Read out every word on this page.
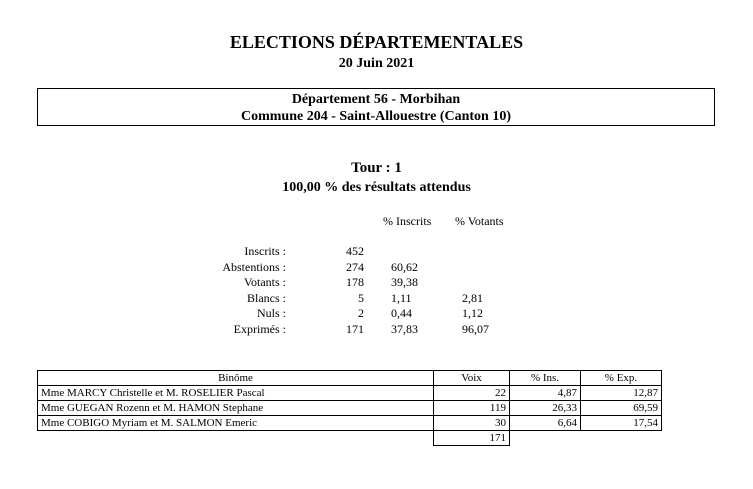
ELECTIONS DÉPARTEMENTALES
20 Juin 2021
Département 56 - Morbihan
Commune 204 - Saint-Allouestre (Canton 10)
Tour : 1
100,00 % des résultats attendus
% Inscrits % Votants
Inscrits :	452
Abstentions :	274 60,62
Votants :	178 39,38
Blancs :	5 1,11	2,81
Nuls :	2 0,44	1,12
Exprimés :	171 37,83	96,07
Binôme	Voix	% Ins.	% Exp.
Mme MARCY Christelle et M. ROSELIER Pascal	22	4,87	12,87
Mme GUEGAN Rozenn et M. HAMON Stephane	119	26,33	69,59
Mme COBIGO Myriam et M. SALMON Emeric	30	6,64	17,54
	171		
